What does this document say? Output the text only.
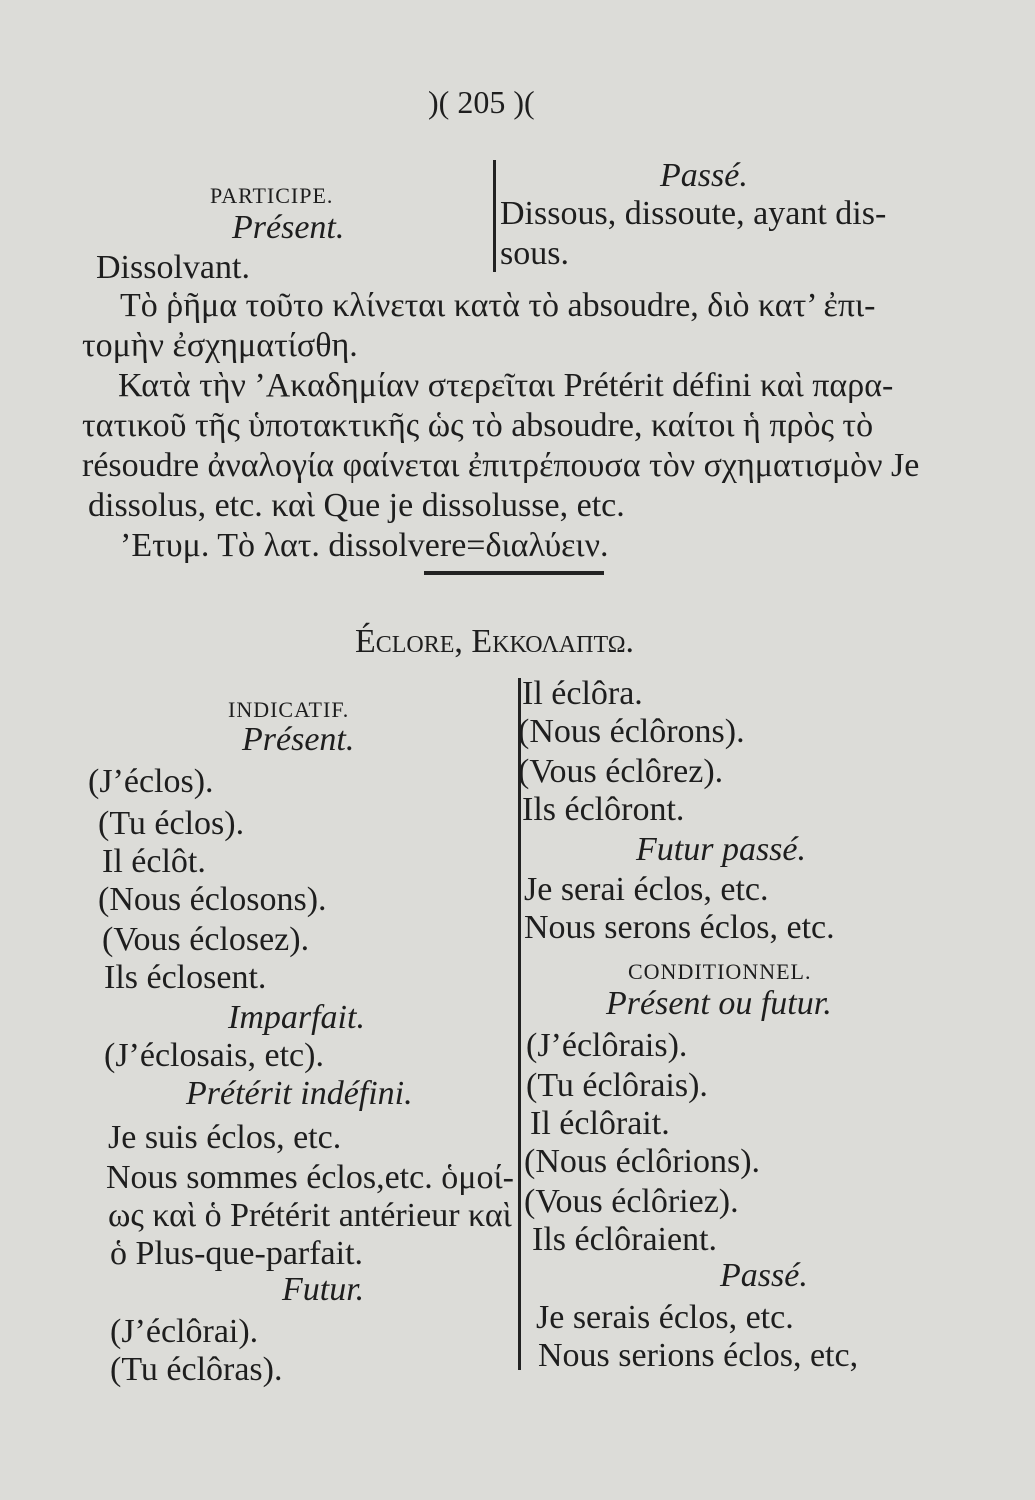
)( 205 )(
PARTICIPE.
Présent.
Dissolvant.
Passé.
Dissous, dissoute, ayant dis-
sous.
Τὸ ῥῆμα τοῦτο κλίνεται κατὰ τὸ absoudre, διὸ κατ’ ἐπι-
τομὴν ἐσχηματίσθη.
Κατὰ τὴν ’Ακαδημίαν στερεῖται Prétérit défini καὶ παρα-
τατικοῦ τῆς ὑποτακτικῆς ὡς τὸ absoudre, καίτοι ἡ πρὸς τὸ
résoudre ἀναλογία φαίνεται ἐπιτρέπουσα τὸν σχηματισμὸν Je
dissolus, etc. καὶ Que je dissolusse, etc.
’Ετυμ. Τὸ λατ. dissolvere=διαλύειν.
Éclore, Εκκολαπτω.
INDICATIF.
Présent.
(J’éclos).
(Tu éclos).
Il éclôt.
(Nous éclosons).
(Vous éclosez).
Ils éclosent.
Imparfait.
(J’éclosais, etc).
Prétérit indéfini.
Je suis éclos, etc.
Nous sommes éclos,etc. ὁμοί-
ως καὶ ὁ Prétérit antérieur καὶ
ὁ Plus-que-parfait.
Futur.
(J’éclôrai).
(Tu éclôras).
Il éclôra.
(Nous éclôrons).
(Vous éclôrez).
Ils éclôront.
Futur passé.
Je serai éclos, etc.
Nous serons éclos, etc.
CONDITIONNEL.
Présent ou futur.
(J’éclôrais).
(Tu éclôrais).
Il éclôrait.
(Nous éclôrions).
(Vous éclôriez).
Ils éclôraient.
Passé.
Je serais éclos, etc.
Nous serions éclos, etc,
